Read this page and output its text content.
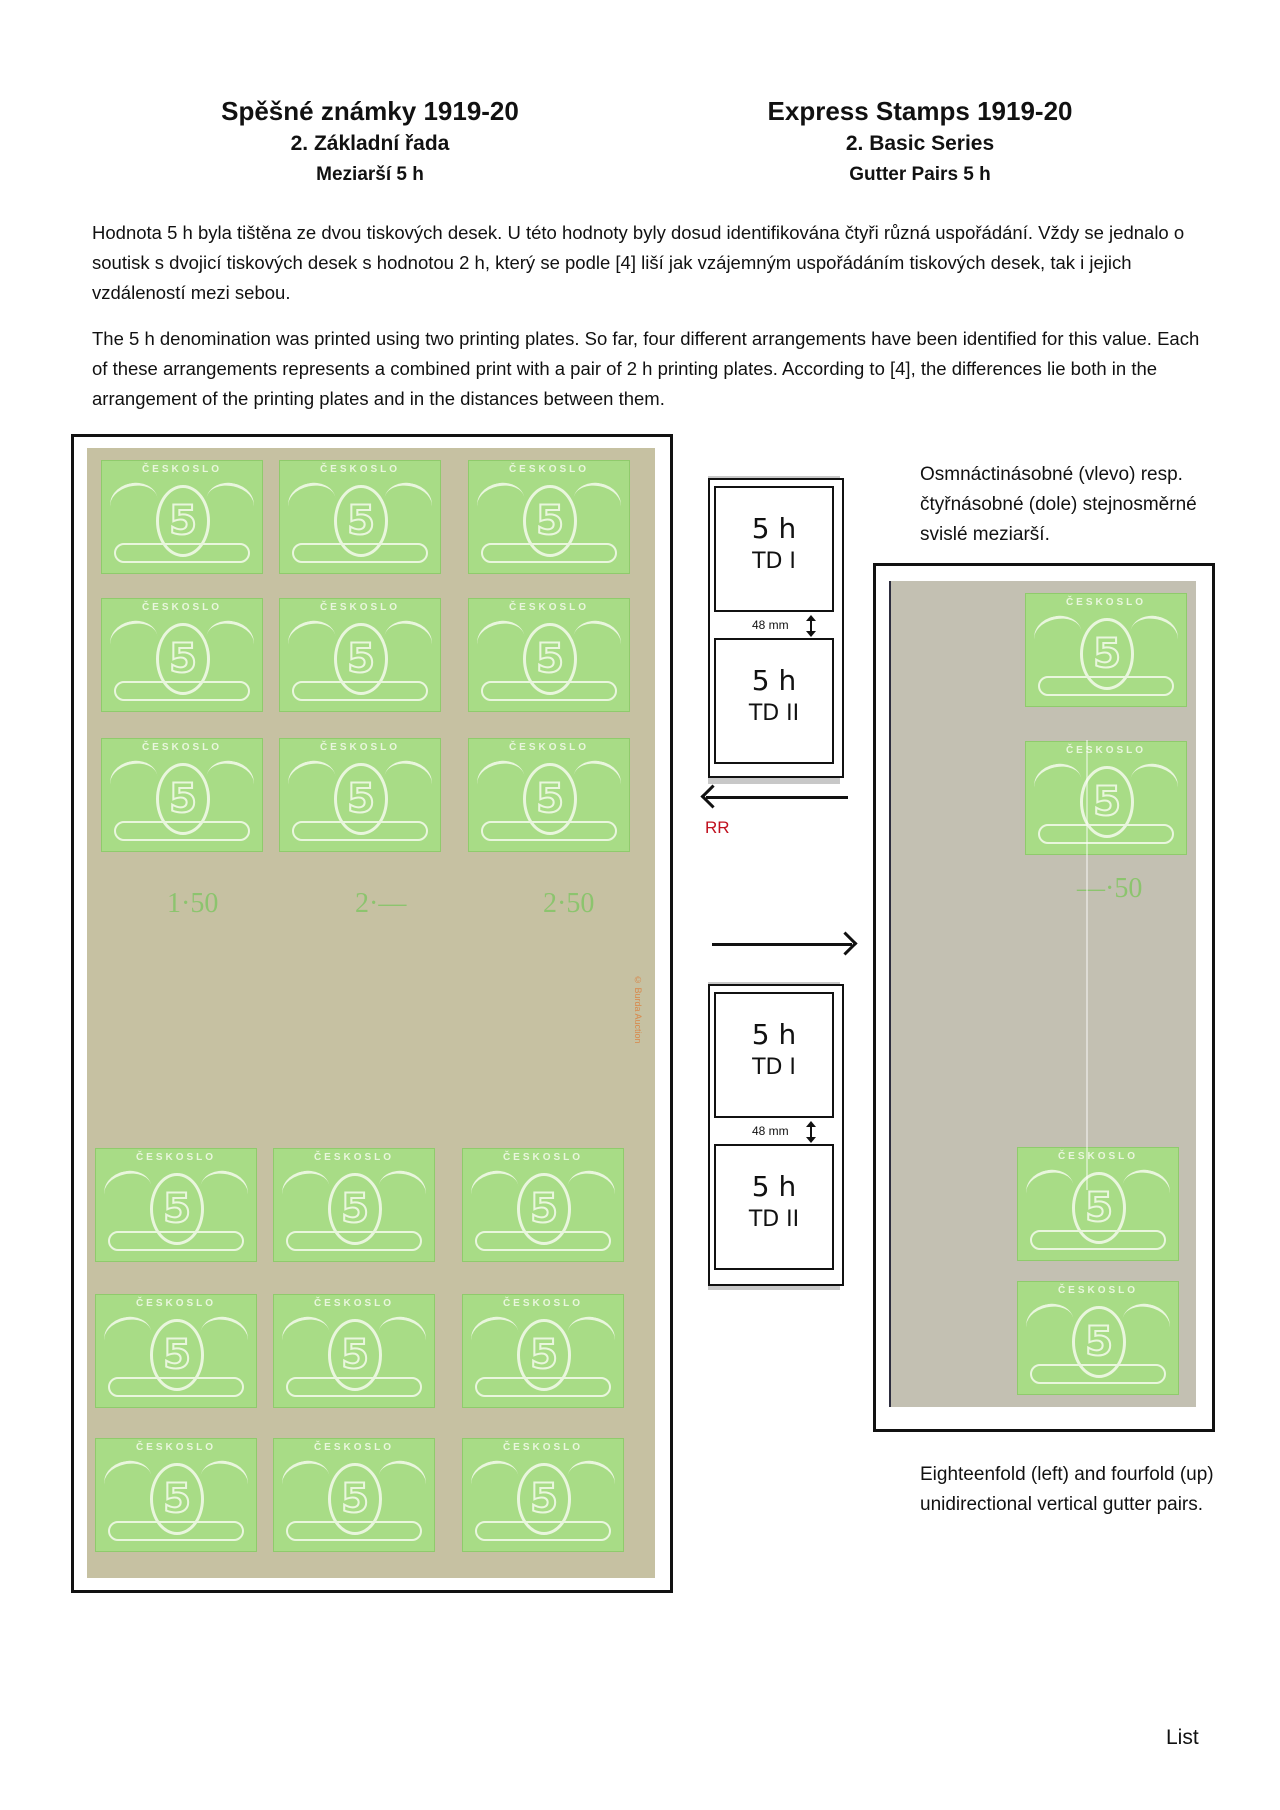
Spěšné známky 1919-20
2. Základní řada
Meziarší 5 h
Express Stamps 1919-20
2. Basic Series
Gutter Pairs 5 h

Hodnota 5 h byla tištěna ze dvou tiskových desek. U této hodnoty byly dosud identifikována čtyři různá uspořádání. Vždy se jednalo o soutisk s dvojicí tiskových desek s hodnotou 2 h, který se podle [4] liší jak vzájemným uspořádáním tiskových desek, tak i jejich vzdáleností mezi sebou.

The 5 h denomination was printed using two printing plates. So far, four different arrangements have been identified for this value. Each of these arrangements represents a combined print with a pair of 2 h printing plates. According to [4], the differences lie both in the arrangement of the printing plates and in the distances between them.

1·50	2·—	2·50
ČESKOSLO
5
ČESKOSLO
5
ČESKOSLO
5
ČESKOSLO
5
ČESKOSLO
5
ČESKOSLO
5
ČESKOSLO
5
ČESKOSLO
5
ČESKOSLO
5
ČESKOSLO
5
ČESKOSLO
5
ČESKOSLO
5
ČESKOSLO
5
ČESKOSLO
5
ČESKOSLO
5
ČESKOSLO
5
ČESKOSLO
5
ČESKOSLO
5
© Burda Auction
5 h
TD I
48 mm
5 h
TD II
RR
5 h
TD I
48 mm
5 h
TD II
Osmnáctinásobné (vlevo) resp. čtyřnásobné (dole) stejnosměrné svislé meziarší.
—·50
ČESKOSLO
5
ČESKOSLO
5
ČESKOSLO
5
ČESKOSLO
5
Eighteenfold (left) and fourfold (up) unidirectional vertical gutter pairs.
List
